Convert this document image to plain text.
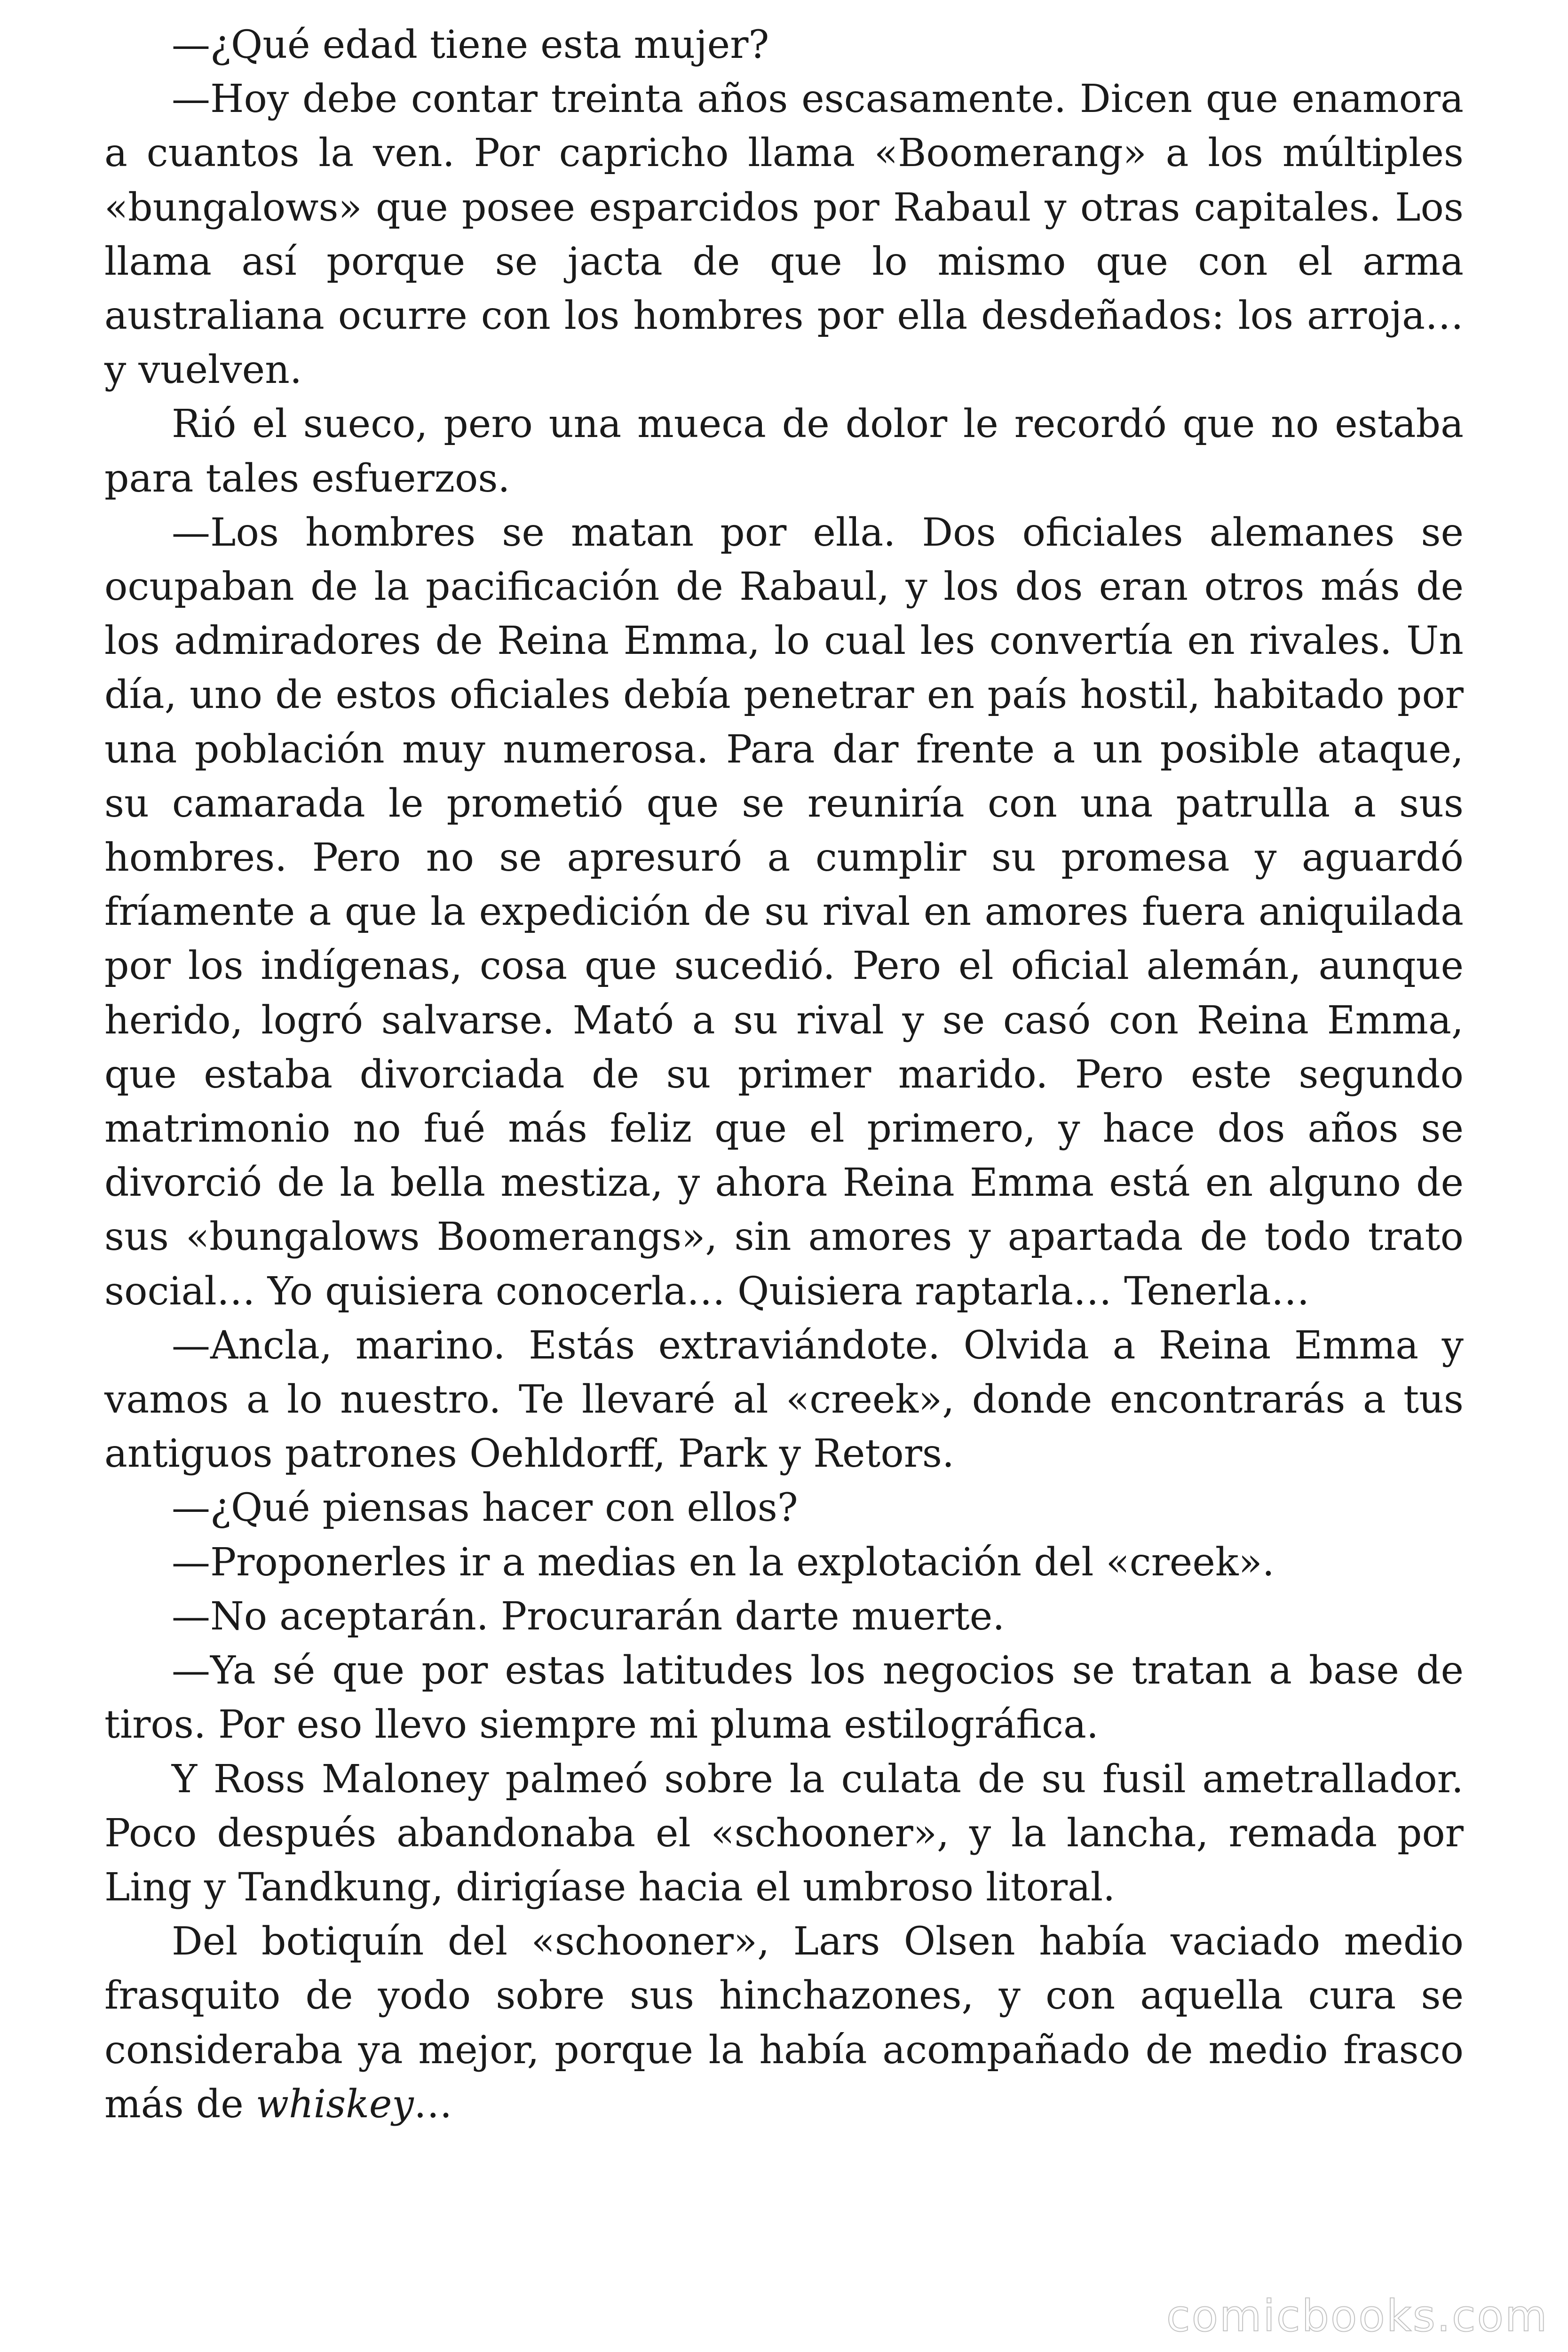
—¿Qué edad tiene esta mujer?

—Hoy debe contar treinta años escasamente. Dicen que enamora a cuantos la ven. Por capricho llama «Boomerang» a los múltiples «bungalows» que posee esparcidos por Rabaul y otras capitales. Los llama así porque se jacta de que lo mismo que con el arma australiana ocurre con los hombres por ella desdeñados: los arroja… y vuelven.

Rió el sueco, pero una mueca de dolor le recordó que no estaba para tales esfuerzos.

—Los hombres se matan por ella. Dos oficiales alemanes se ocupaban de la pacificación de Rabaul, y los dos eran otros más de los admiradores de Reina Emma, lo cual les convertía en rivales. Un día, uno de estos oficiales debía penetrar en país hostil, habitado por una población muy numerosa. Para dar frente a un posible ataque, su camarada le prometió que se reuniría con una patrulla a sus hombres. Pero no se apresuró a cumplir su promesa y aguardó fríamente a que la expedición de su rival en amores fuera aniquilada por los indígenas, cosa que sucedió. Pero el oficial alemán, aunque herido, logró salvarse. Mató a su rival y se casó con Reina Emma, que estaba divorciada de su primer marido. Pero este segundo matrimonio no fué más feliz que el primero, y hace dos años se divorció de la bella mestiza, y ahora Reina Emma está en alguno de sus «bungalows Boomerangs», sin amores y apartada de todo trato social… Yo quisiera conocerla… Quisiera raptarla… Tenerla…

—Ancla, marino. Estás extraviándote. Olvida a Reina Emma y vamos a lo nuestro. Te llevaré al «creek», donde encontrarás a tus antiguos patrones Oehldorff, Park y Retors.

—¿Qué piensas hacer con ellos?

—Proponerles ir a medias en la explotación del «creek».

—No aceptarán. Procurarán darte muerte.

—Ya sé que por estas latitudes los negocios se tratan a base de tiros. Por eso llevo siempre mi pluma estilográfica.

Y Ross Maloney palmeó sobre la culata de su fusil ametrallador. Poco después abandonaba el «schooner», y la lancha, remada por Ling y Tandkung, dirigíase hacia el umbroso litoral.

Del botiquín del «schooner», Lars Olsen había vaciado medio frasquito de yodo sobre sus hinchazones, y con aquella cura se consideraba ya mejor, porque la había acompañado de medio frasco más de whiskey…

comicbooks.com
